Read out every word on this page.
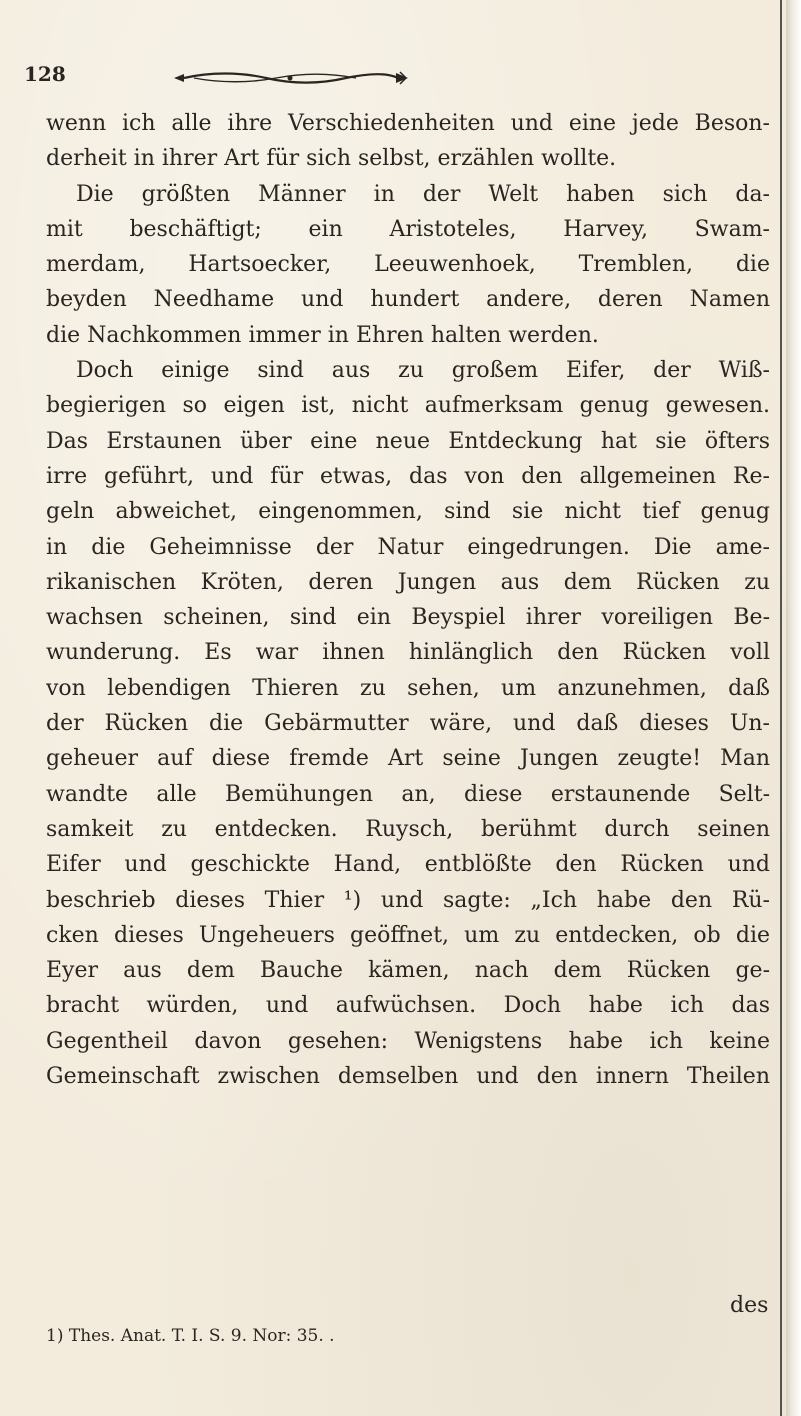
128
wenn ich alle ihre Verschiedenheiten und eine jede Beson-
derheit in ihrer Art für sich selbst, erzählen wollte.
Die größten Männer in der Welt haben sich da-
mit beschäftigt; ein Aristoteles, Harvey, Swam-
merdam, Hartsoecker, Leeuwenhoek, Tremblen, die
beyden Needhame und hundert andere, deren Namen
die Nachkommen immer in Ehren halten werden.
Doch einige sind aus zu großem Eifer, der Wiß-
begierigen so eigen ist, nicht aufmerksam genug gewesen.
Das Erstaunen über eine neue Entdeckung hat sie öfters
irre geführt, und für etwas, das von den allgemeinen Re-
geln abweichet, eingenommen, sind sie nicht tief genug
in die Geheimnisse der Natur eingedrungen. Die ame-
rikanischen Kröten, deren Jungen aus dem Rücken zu
wachsen scheinen, sind ein Beyspiel ihrer voreiligen Be-
wunderung. Es war ihnen hinlänglich den Rücken voll
von lebendigen Thieren zu sehen, um anzunehmen, daß
der Rücken die Gebärmutter wäre, und daß dieses Un-
geheuer auf diese fremde Art seine Jungen zeugte! Man
wandte alle Bemühungen an, diese erstaunende Selt-
samkeit zu entdecken. Ruysch, berühmt durch seinen
Eifer und geschickte Hand, entblößte den Rücken und
beschrieb dieses Thier ¹) und sagte: „Ich habe den Rü-
cken dieses Ungeheuers geöffnet, um zu entdecken, ob die
Eyer aus dem Bauche kämen, nach dem Rücken ge-
bracht würden, und aufwüchsen. Doch habe ich das
Gegentheil davon gesehen: Wenigstens habe ich keine
Gemeinschaft zwischen demselben und den innern Theilen
des
1) Thes. Anat. T. I. S. 9. Nor: 35. .
